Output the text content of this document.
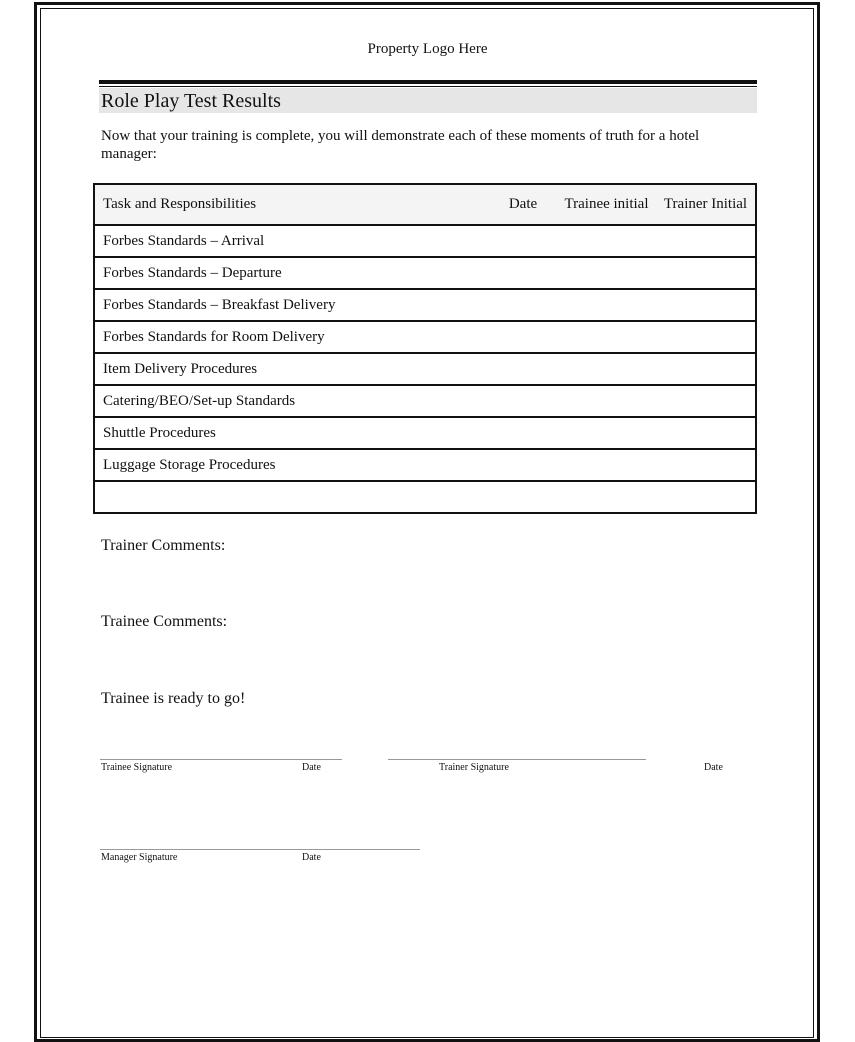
Property Logo Here
Role Play Test Results
Now that your training is complete, you will demonstrate each of these moments of truth for a hotel manager:
Task and Responsibilities	Date	Trainee initial	Trainer Initial
Forbes Standards – Arrival			
Forbes Standards – Departure			
Forbes Standards – Breakfast Delivery			
Forbes Standards for Room Delivery			
Item Delivery Procedures			
Catering/BEO/Set-up Standards			
Shuttle Procedures			
Luggage Storage Procedures			

Trainer Comments:
Trainee Comments:
Trainee is ready to go!
Trainee Signature	Date	Trainer Signature	Date
Manager Signature	Date
